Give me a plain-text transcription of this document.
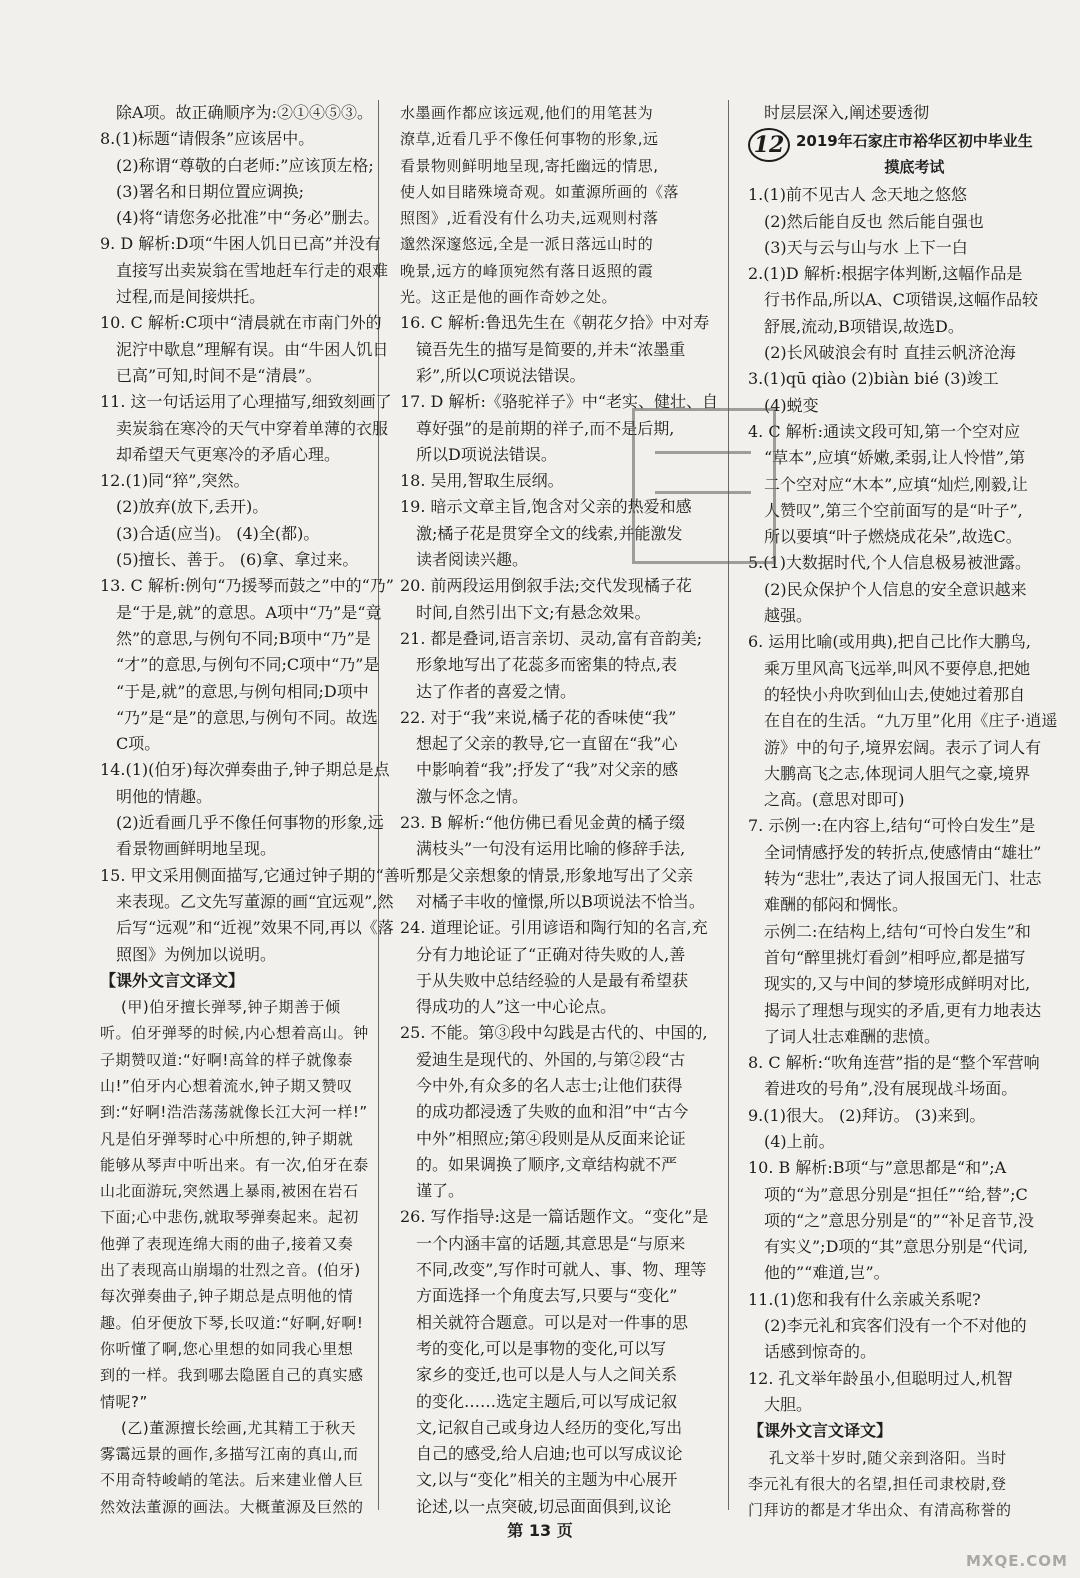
除A项。故正确顺序为:②①④⑤③。
8.(1)标题“请假条”应该居中。
(2)称谓“尊敬的白老师:”应该顶左格;
(3)署名和日期位置应调换;
(4)将“请您务必批准”中“务必”删去。
9. D 解析:D项“牛困人饥日已高”并没有
直接写出卖炭翁在雪地赶车行走的艰难
过程,而是间接烘托。
10. C 解析:C项中“清晨就在市南门外的
泥泞中歇息”理解有误。由“牛困人饥日
已高”可知,时间不是“清晨”。
11. 这一句话运用了心理描写,细致刻画了
卖炭翁在寒冷的天气中穿着单薄的衣服
却希望天气更寒冷的矛盾心理。
12.(1)同“猝”,突然。
(2)放弃(放下,丢开)。
(3)合适(应当)。 (4)全(都)。
(5)擅长、善于。 (6)拿、拿过来。
13. C 解析:例句“乃援琴而鼓之”中的“乃”
是“于是,就”的意思。A项中“乃”是“竟
然”的意思,与例句不同;B项中“乃”是
“才”的意思,与例句不同;C项中“乃”是
“于是,就”的意思,与例句相同;D项中
“乃”是“是”的意思,与例句不同。故选
C项。
14.(1)(伯牙)每次弹奏曲子,钟子期总是点
明他的情趣。
(2)近看画几乎不像任何事物的形象,远
看景物画鲜明地呈现。
15. 甲文采用侧面描写,它通过钟子期的“善听”
来表现。乙文先写董源的画“宜远观”,然
后写“远观”和“近视”效果不同,再以《落
照图》为例加以说明。
【课外文言文译文】
(甲)伯牙擅长弹琴,钟子期善于倾
听。伯牙弹琴的时候,内心想着高山。钟
子期赞叹道:“好啊!高耸的样子就像泰
山!”伯牙内心想着流水,钟子期又赞叹
到:“好啊!浩浩荡荡就像长江大河一样!”
凡是伯牙弹琴时心中所想的,钟子期就
能够从琴声中听出来。有一次,伯牙在泰
山北面游玩,突然遇上暴雨,被困在岩石
下面;心中悲伤,就取琴弹奏起来。起初
他弹了表现连绵大雨的曲子,接着又奏
出了表现高山崩塌的壮烈之音。(伯牙)
每次弹奏曲子,钟子期总是点明他的情
趣。伯牙便放下琴,长叹道:“好啊,好啊!
你听懂了啊,您心里想的如同我心里想
到的一样。我到哪去隐匿自己的真实感
情呢?”
(乙)董源擅长绘画,尤其精工于秋天
雾霭远景的画作,多描写江南的真山,而
不用奇特峻峭的笔法。后来建业僧人巨
然效法董源的画法。大概董源及巨然的
水墨画作都应该远观,他们的用笔甚为
潦草,近看几乎不像任何事物的形象,远
看景物则鲜明地呈现,寄托幽远的情思,
使人如目睹殊境奇观。如董源所画的《落
照图》,近看没有什么功夫,远观则村落
邈然深邃悠远,全是一派日落远山时的
晚景,远方的峰顶宛然有落日返照的霞
光。这正是他的画作奇妙之处。
16. C 解析:鲁迅先生在《朝花夕拾》中对寿
镜吾先生的描写是简要的,并未“浓墨重
彩”,所以C项说法错误。
17. D 解析:《骆驼祥子》中“老实、健壮、自
尊好强”的是前期的祥子,而不是后期,
所以D项说法错误。
18. 吴用,智取生辰纲。
19. 暗示文章主旨,饱含对父亲的热爱和感
激;橘子花是贯穿全文的线索,并能激发
读者阅读兴趣。
20. 前两段运用倒叙手法;交代发现橘子花
时间,自然引出下文;有悬念效果。
21. 都是叠词,语言亲切、灵动,富有音韵美;
形象地写出了花蕊多而密集的特点,表
达了作者的喜爱之情。
22. 对于“我”来说,橘子花的香味使“我”
想起了父亲的教导,它一直留在“我”心
中影响着“我”;抒发了“我”对父亲的感
激与怀念之情。
23. B 解析:“他仿佛已看见金黄的橘子缀
满枝头”一句没有运用比喻的修辞手法,
那是父亲想象的情景,形象地写出了父亲
对橘子丰收的憧憬,所以B项说法不恰当。
24. 道理论证。引用谚语和陶行知的名言,充
分有力地论证了“正确对待失败的人,善
于从失败中总结经验的人是最有希望获
得成功的人”这一中心论点。
25. 不能。第③段中勾践是古代的、中国的,
爱迪生是现代的、外国的,与第②段“古
今中外,有众多的名人志士;让他们获得
的成功都浸透了失败的血和泪”中“古今
中外”相照应;第④段则是从反面来论证
的。如果调换了顺序,文章结构就不严
谨了。
26. 写作指导:这是一篇话题作文。“变化”是
一个内涵丰富的话题,其意思是“与原来
不同,改变”,写作时可就人、事、物、理等
方面选择一个角度去写,只要与“变化”
相关就符合题意。可以是对一件事的思
考的变化,可以是事物的变化,可以写
家乡的变迁,也可以是人与人之间关系
的变化……选定主题后,可以写成记叙
文,记叙自己或身边人经历的变化,写出
自己的感受,给人启迪;也可以写成议论
文,以与“变化”相关的主题为中心展开
论述,以一点突破,切忌面面俱到,议论
时层层深入,阐述要透彻
12 2019年石家庄市裕华区初中毕业生
摸底考试
1.(1)前不见古人 念天地之悠悠
(2)然后能自反也 然后能自强也
(3)天与云与山与水 上下一白
2.(1)D 解析:根据字体判断,这幅作品是
行书作品,所以A、C项错误,这幅作品较
舒展,流动,B项错误,故选D。
(2)长风破浪会有时 直挂云帆济沧海
3.(1)qū qiào (2)biàn bié (3)竣工
(4)蜕变
4. C 解析:通读文段可知,第一个空对应
“草本”,应填“娇嫩,柔弱,让人怜惜”,第
二个空对应“木本”,应填“灿烂,刚毅,让
人赞叹”,第三个空前面写的是“叶子”,
所以要填“叶子燃烧成花朵”,故选C。
5.(1)大数据时代,个人信息极易被泄露。
(2)民众保护个人信息的安全意识越来
越强。
6. 运用比喻(或用典),把自己比作大鹏鸟,
乘万里风高飞远举,叫风不要停息,把她
的轻快小舟吹到仙山去,使她过着那自
在自在的生活。“九万里”化用《庄子·逍遥
游》中的句子,境界宏阔。表示了词人有
大鹏高飞之志,体现词人胆气之豪,境界
之高。(意思对即可)
7. 示例一:在内容上,结句“可怜白发生”是
全词情感抒发的转折点,使感情由“雄壮”
转为“悲壮”,表达了词人报国无门、壮志
难酬的郁闷和惆怅。
示例二:在结构上,结句“可怜白发生”和
首句“醉里挑灯看剑”相呼应,都是描写
现实的,又与中间的梦境形成鲜明对比,
揭示了理想与现实的矛盾,更有力地表达
了词人壮志难酬的悲愤。
8. C 解析:“吹角连营”指的是“整个军营响
着进攻的号角”,没有展现战斗场面。
9.(1)很大。 (2)拜访。 (3)来到。
(4)上前。
10. B 解析:B项“与”意思都是“和”;A
项的“为”意思分别是“担任”“给,替”;C
项的“之”意思分别是“的”“补足音节,没
有实义”;D项的“其”意思分别是“代词,
他的”“难道,岂”。
11.(1)您和我有什么亲戚关系呢?
(2)李元礼和宾客们没有一个不对他的
话感到惊奇的。
12. 孔文举年龄虽小,但聪明过人,机智
大胆。
【课外文言文译文】
孔文举十岁时,随父亲到洛阳。当时
李元礼有很大的名望,担任司隶校尉,登
门拜访的都是才华出众、有清高称誉的
第 13 页
MXQE.COM
